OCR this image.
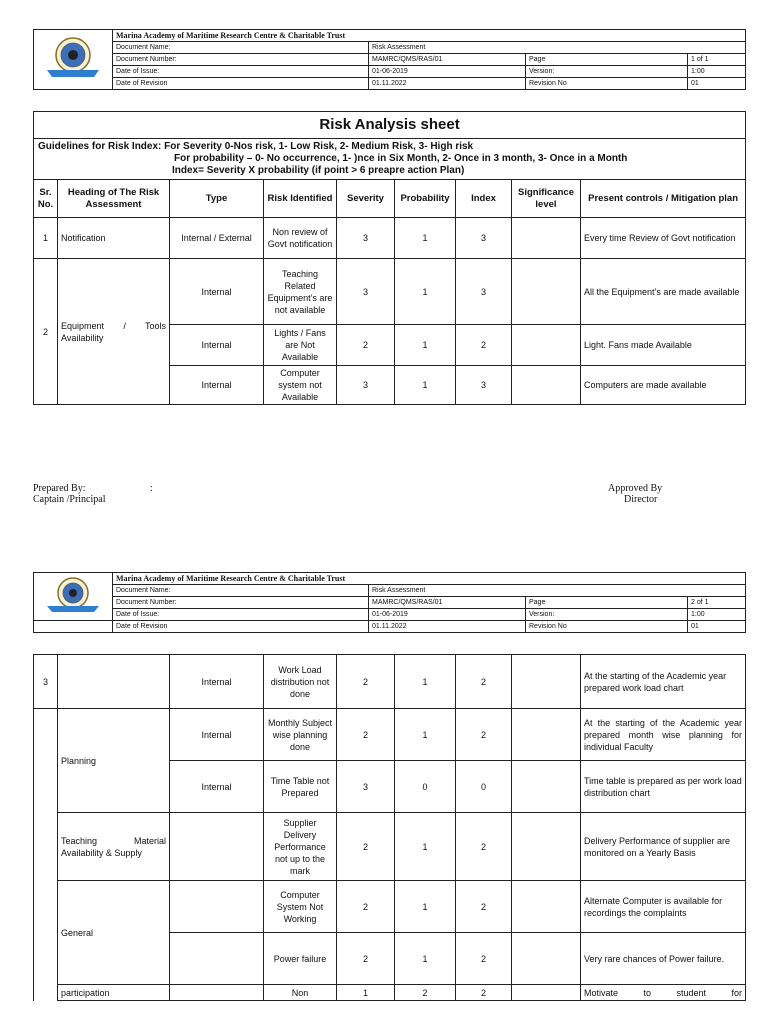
	Marina Academy of Maritime Research Centre & Charitable Trust			
	Document Name:	Risk Assessment		
	Document Number:	MAMRC/QMS/RAS/01	Page	1 of 1
	Date of Issue:	01-06-2019	Version:	1:00
	Date of Revision	01.11.2022	Revision No	01
Risk Analysis sheet								

Guidelines for Risk Index: For Severity 0-Nos risk, 1- Low Risk, 2- Medium Risk, 3- High risk
For probability – 0- No occurrence, 1- )nce in Six Month, 2- Once in 3 month, 3- Once in a Month
Index= Severity X probability (if point > 6 preapre action Plan)								

Sr. No.	Heading of The Risk Assessment	Type	Risk Identified	Severity	Probability	Index	Significance level	Present controls / Mitigation plan
1	Notification	Internal / External	Non review of Govt notification	3	1	3		Every time Review of Govt notification
2	Equipment / Tools Availability	Internal	Teaching Related Equipment’s are not available	3	1	3		All the Equipment’s are made available
		Internal	Lights / Fans are Not Available	2	1	2		Light. Fans made Available
		Internal	Computer system not Available	3	1	3		Computers are made available
Prepared By:	:
Captain /Principal
Approved By
Director
	Marina Academy of Maritime Research Centre & Charitable Trust			
	Document Name:	Risk Assessment		
	Document Number:	MAMRC/QMS/RAS/01	Page	2 of 1
	Date of Issue:	01-06-2019	Version:	1:00
	Date of Revision	01.11.2022	Revision No	01
3		Internal	Work Load distribution not done	2	1	2		At the starting of the Academic year prepared work load chart
	Planning	Internal	Monthly Subject wise planning done	2	1	2		At the starting of the Academic year prepared month wise planning for individual Faculty
		Internal	Time Table not Prepared	3	0	0		Time table is prepared as per work load distribution chart
	Teaching Material Availability & Supply		Supplier Delivery Performance not up to the mark	2	1	2		Delivery Performance of supplier are monitored on a Yearly Basis
	General		Computer System Not Working	2	1	2		Alternate Computer is available for recordings the complaints
			Power failure	2	1	2		Very rare chances of Power failure.
	participation		Non	1	2	2		Motivate to student for
